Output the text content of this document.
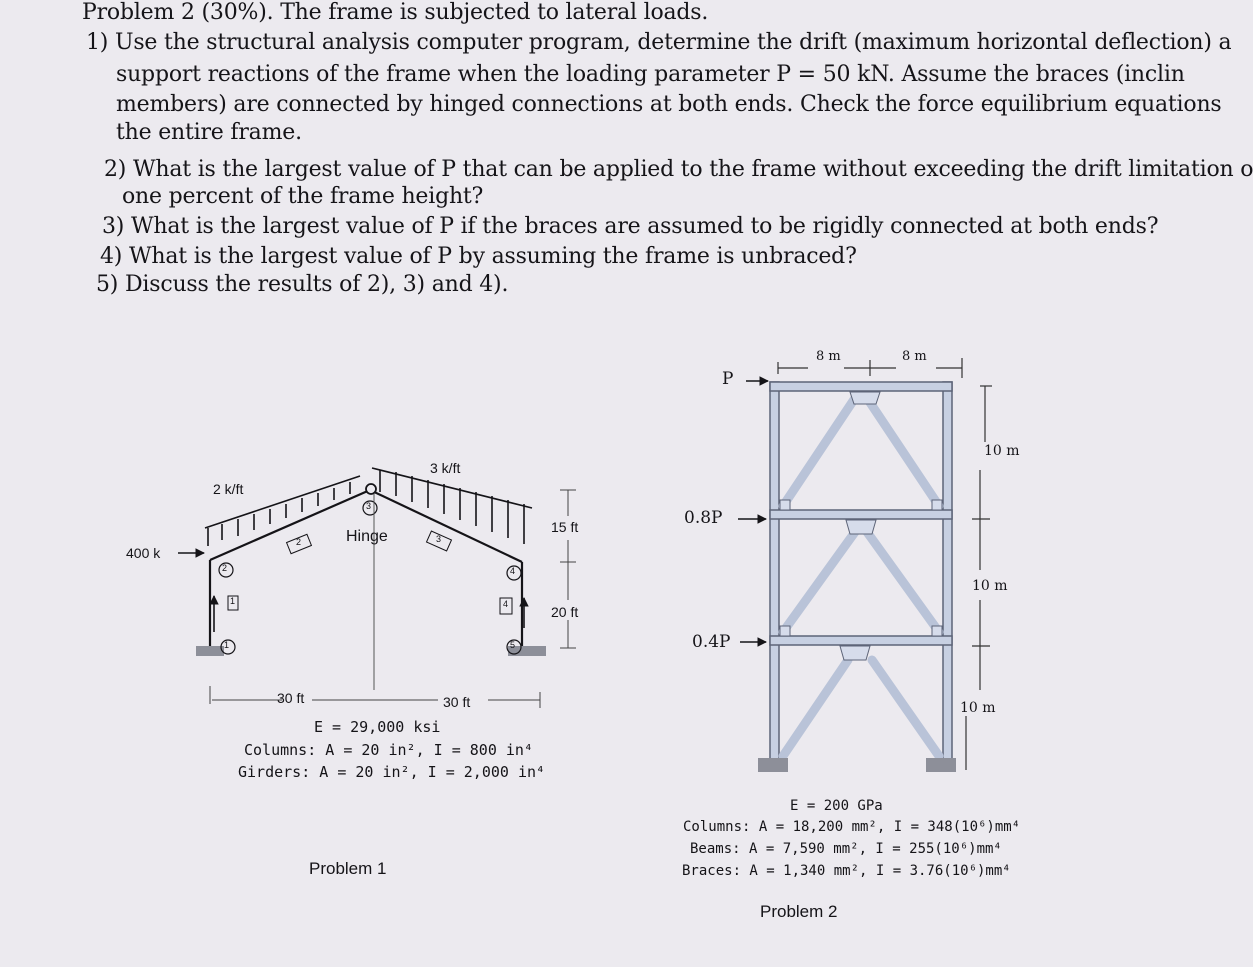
Problem 2 (30%). The frame is subjected to lateral loads.
1) Use the structural analysis computer program, determine the drift (maximum horizontal deflection) a
support reactions of the frame when the loading parameter P = 50 kN. Assume the braces (inclin
members) are connected by hinged connections at both ends. Check the force equilibrium equations
the entire frame.
2) What is the largest value of P that can be applied to the frame without exceeding the drift limitation o
one percent of the frame height?
3) What is the largest value of P if the braces are assumed to be rigidly connected at both ends?
4) What is the largest value of P by assuming the frame is unbraced?
5) Discuss the results of 2), 3) and 4).
2 k/ft
3 k/ft
400 k
Hinge
15 ft
20 ft
30 ft	30 ft
1
2
3
4
5
1
2	3
4
E = 29,000 ksi
Columns: A = 20 in², I = 800 in⁴
Girders: A = 20 in², I = 2,000 in⁴
Problem 1
P
0.8P
0.4P
8 m	8 m
10 m
10 m
10 m
E = 200 GPa
Columns: A = 18,200 mm², I = 348(10⁶)mm⁴
Beams: A = 7,590 mm², I = 255(10⁶)mm⁴
Braces: A = 1,340 mm², I = 3.76(10⁶)mm⁴
Problem 2
